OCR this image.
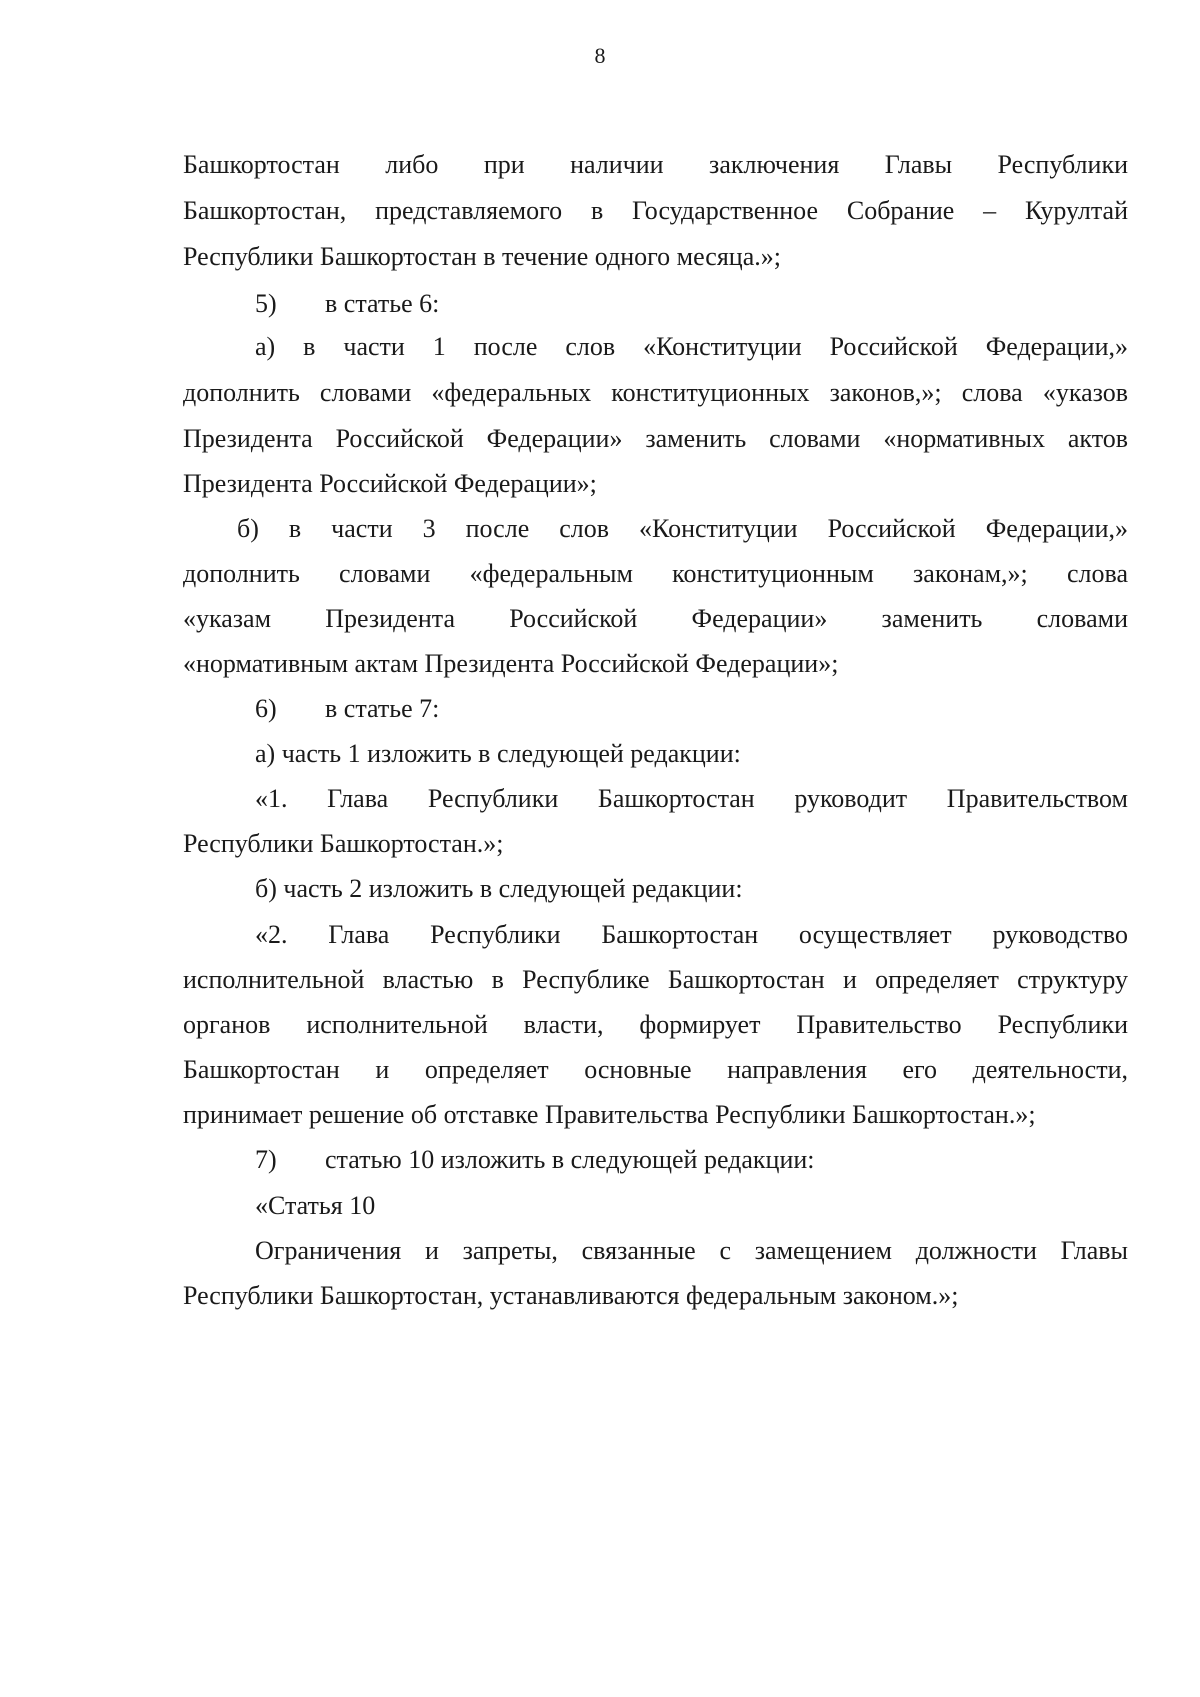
8
Башкортостан либо при наличии заключения Главы Республики
Башкортостан, представляемого в Государственное Собрание – Курултай
Республики Башкортостан в течение одного месяца.»;
5) в статье 6:
а) в части 1 после слов «Конституции Российской Федерации,»
дополнить словами «федеральных конституционных законов,»; слова «указов
Президента Российской Федерации» заменить словами «нормативных актов
Президента Российской Федерации»;
б) в части 3 после слов «Конституции Российской Федерации,»
дополнить словами «федеральным конституционным законам,»; слова
«указам Президента Российской Федерации» заменить словами
«нормативным актам Президента Российской Федерации»;
6) в статье 7:
а) часть 1 изложить в следующей редакции:
«1. Глава Республики Башкортостан руководит Правительством
Республики Башкортостан.»;
б) часть 2 изложить в следующей редакции:
«2. Глава Республики Башкортостан осуществляет руководство
исполнительной властью в Республике Башкортостан и определяет структуру
органов исполнительной власти, формирует Правительство Республики
Башкортостан и определяет основные направления его деятельности,
принимает решение об отставке Правительства Республики Башкортостан.»;
7) статью 10 изложить в следующей редакции:
«Статья 10
Ограничения и запреты, связанные с замещением должности Главы
Республики Башкортостан, устанавливаются федеральным законом.»;
